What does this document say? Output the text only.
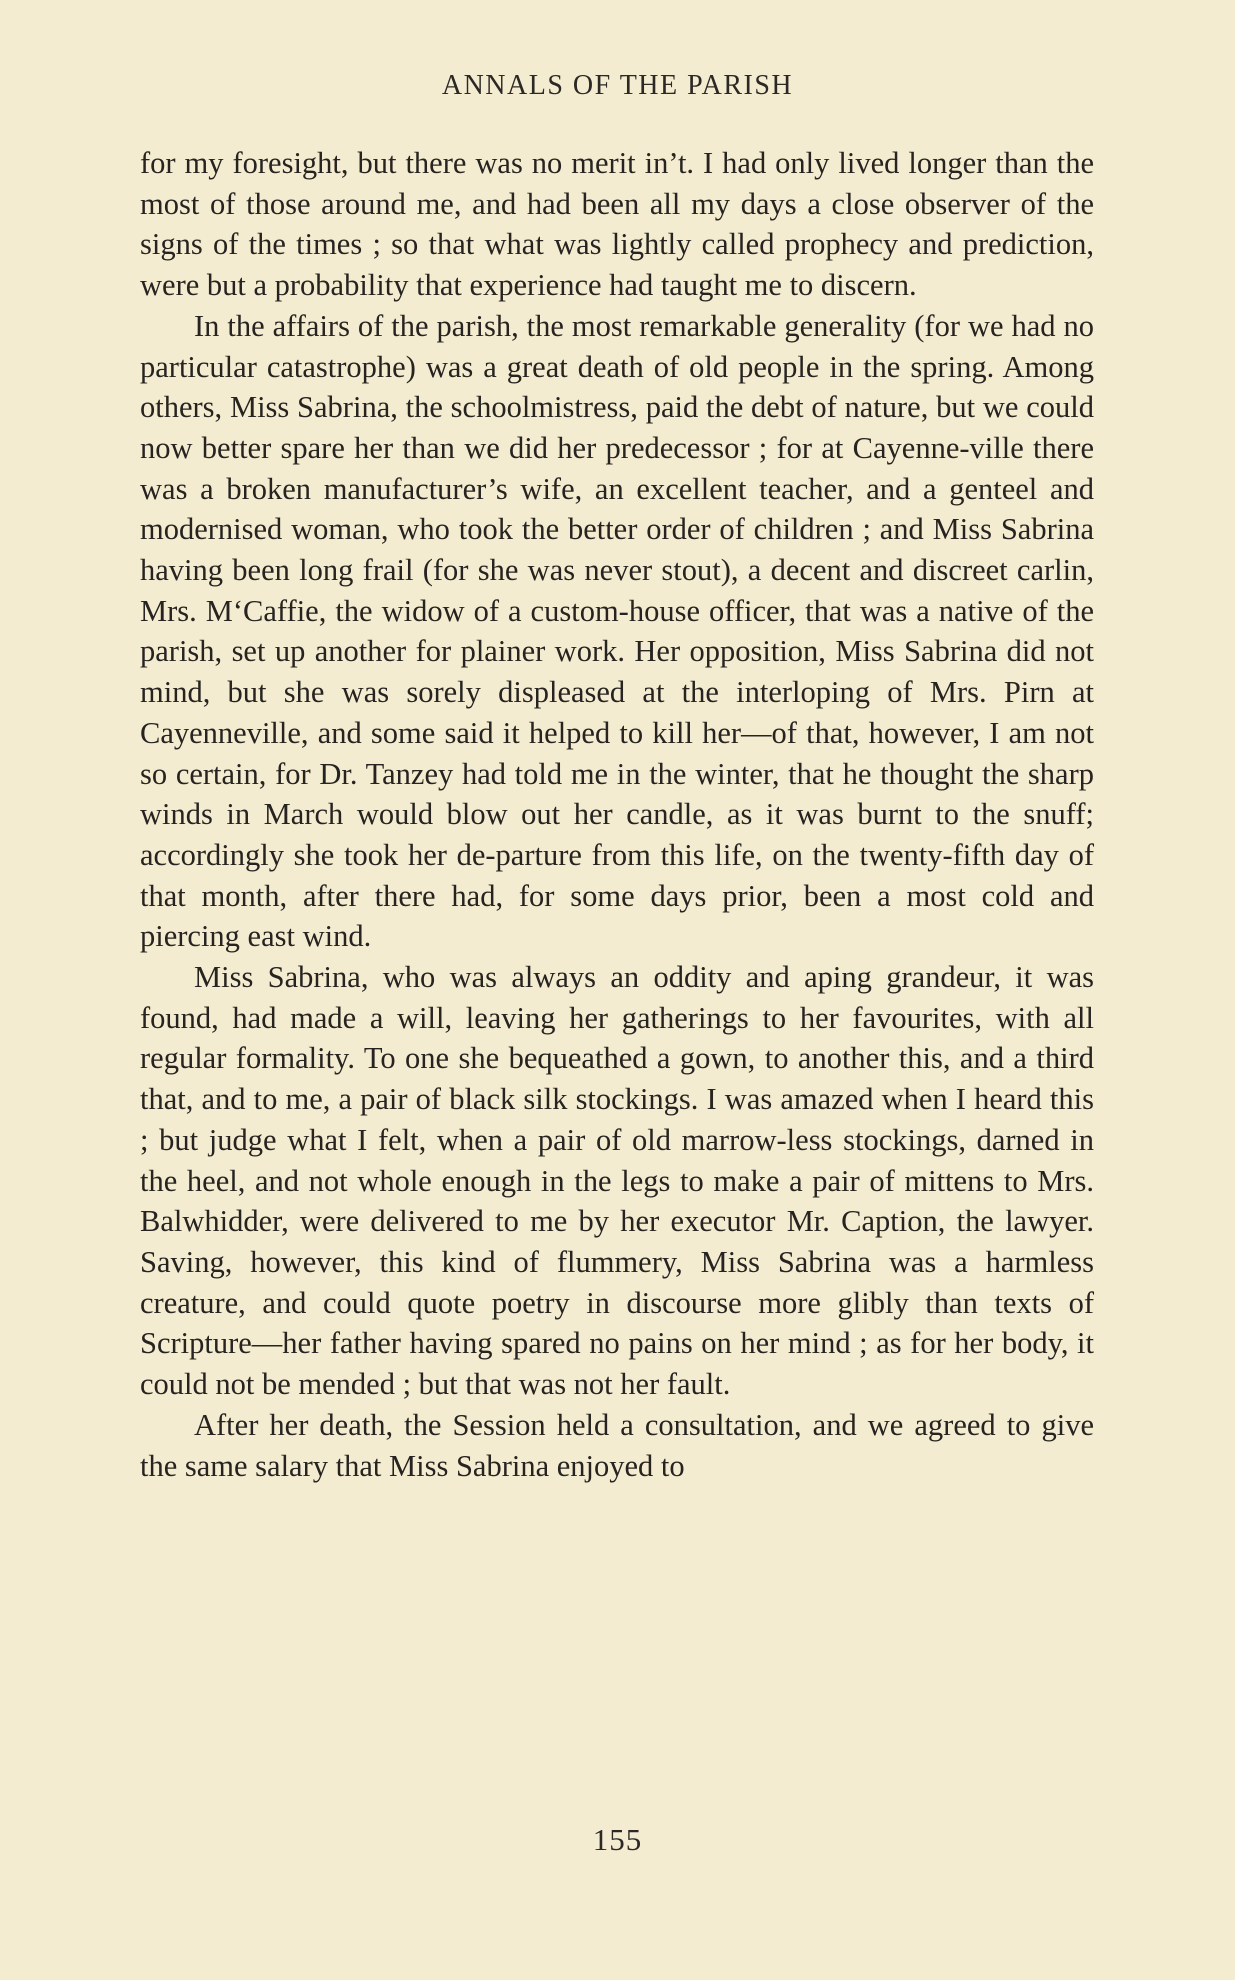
ANNALS OF THE PARISH

for my foresight, but there was no merit in’t. I had only lived longer than the most of those around me, and had been all my days a close observer of the signs of the times ; so that what was lightly called prophecy and prediction, were but a probability that experience had taught me to discern.

In the affairs of the parish, the most remarkable generality (for we had no particular catastrophe) was a great death of old people in the spring. Among others, Miss Sabrina, the schoolmistress, paid the debt of nature, but we could now better spare her than we did her predecessor ; for at Cayenne-ville there was a broken manufacturer’s wife, an excellent teacher, and a genteel and modernised woman, who took the better order of children ; and Miss Sabrina having been long frail (for she was never stout), a decent and discreet carlin, Mrs. M‘Caffie, the widow of a custom-house officer, that was a native of the parish, set up another for plainer work. Her opposition, Miss Sabrina did not mind, but she was sorely displeased at the interloping of Mrs. Pirn at Cayenneville, and some said it helped to kill her—of that, however, I am not so certain, for Dr. Tanzey had told me in the winter, that he thought the sharp winds in March would blow out her candle, as it was burnt to the snuff; accordingly she took her de-parture from this life, on the twenty-fifth day of that month, after there had, for some days prior, been a most cold and piercing east wind.

Miss Sabrina, who was always an oddity and aping grandeur, it was found, had made a will, leaving her gatherings to her favourites, with all regular formality. To one she bequeathed a gown, to another this, and a third that, and to me, a pair of black silk stockings. I was amazed when I heard this ; but judge what I felt, when a pair of old marrow-less stockings, darned in the heel, and not whole enough in the legs to make a pair of mittens to Mrs. Balwhidder, were delivered to me by her executor Mr. Caption, the lawyer. Saving, however, this kind of flummery, Miss Sabrina was a harmless creature, and could quote poetry in discourse more glibly than texts of Scripture—her father having spared no pains on her mind ; as for her body, it could not be mended ; but that was not her fault.

After her death, the Session held a consultation, and we agreed to give the same salary that Miss Sabrina enjoyed to

155
